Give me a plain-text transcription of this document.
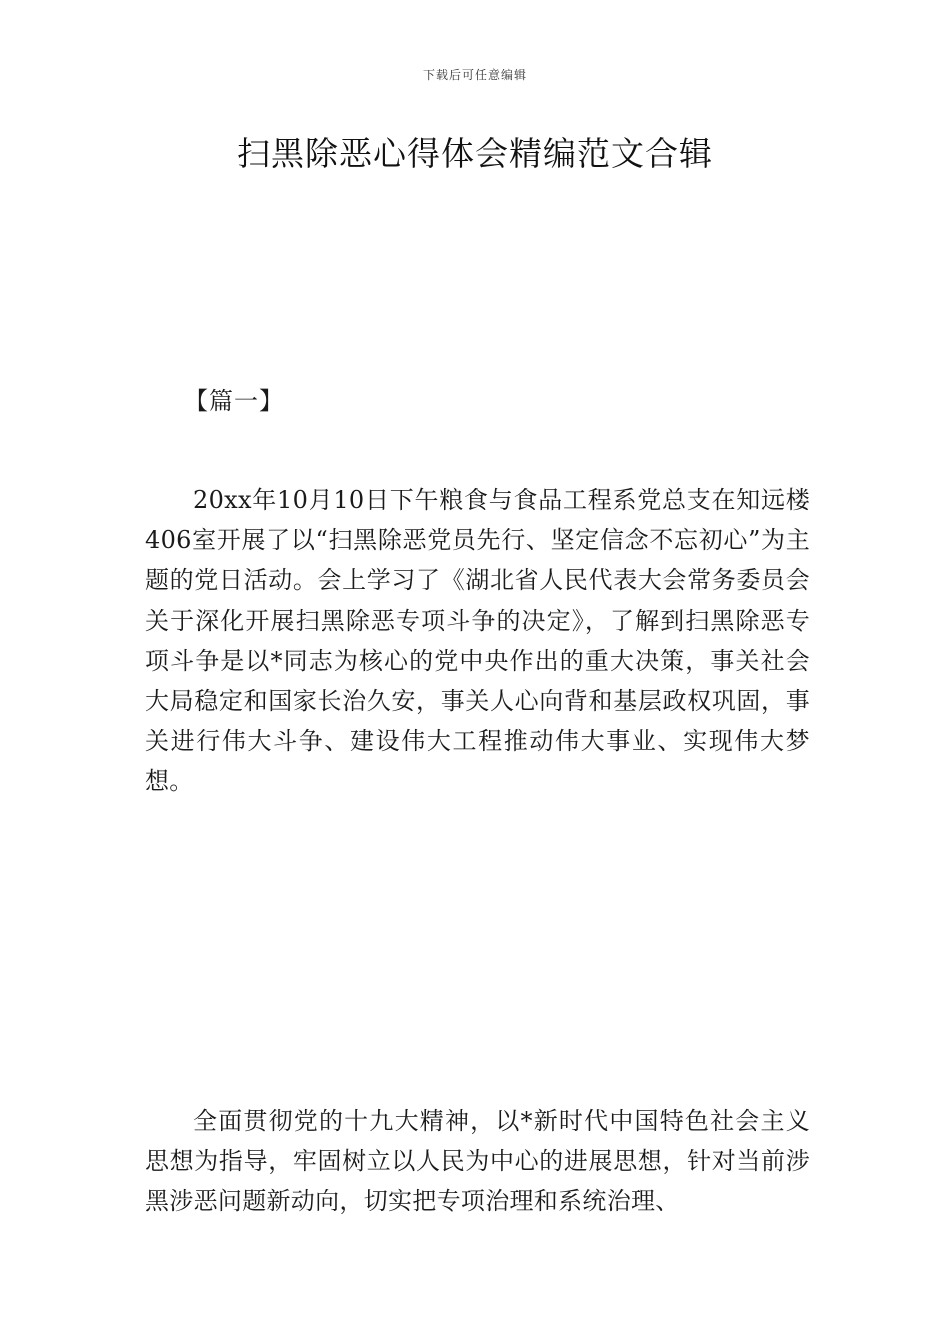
下载后可任意编辑
扫黑除恶心得体会精编范文合辑
【篇一】

20xx年10月10日下午粮食与食品工程系党总支在知远楼406室开展了以“扫黑除恶党员先行、坚定信念不忘初心”为主题的党日活动。会上学习了《湖北省人民代表大会常务委员会关于深化开展扫黑除恶专项斗争的决定》，了解到扫黑除恶专项斗争是以*同志为核心的党中央作出的重大决策，事关社会大局稳定和国家长治久安，事关人心向背和基层政权巩固，事关进行伟大斗争、建设伟大工程推动伟大事业、实现伟大梦想。

全面贯彻党的十九大精神，以*新时代中国特色社会主义思想为指导，牢固树立以人民为中心的进展思想，针对当前涉黑涉恶问题新动向，切实把专项治理和系统治理、
